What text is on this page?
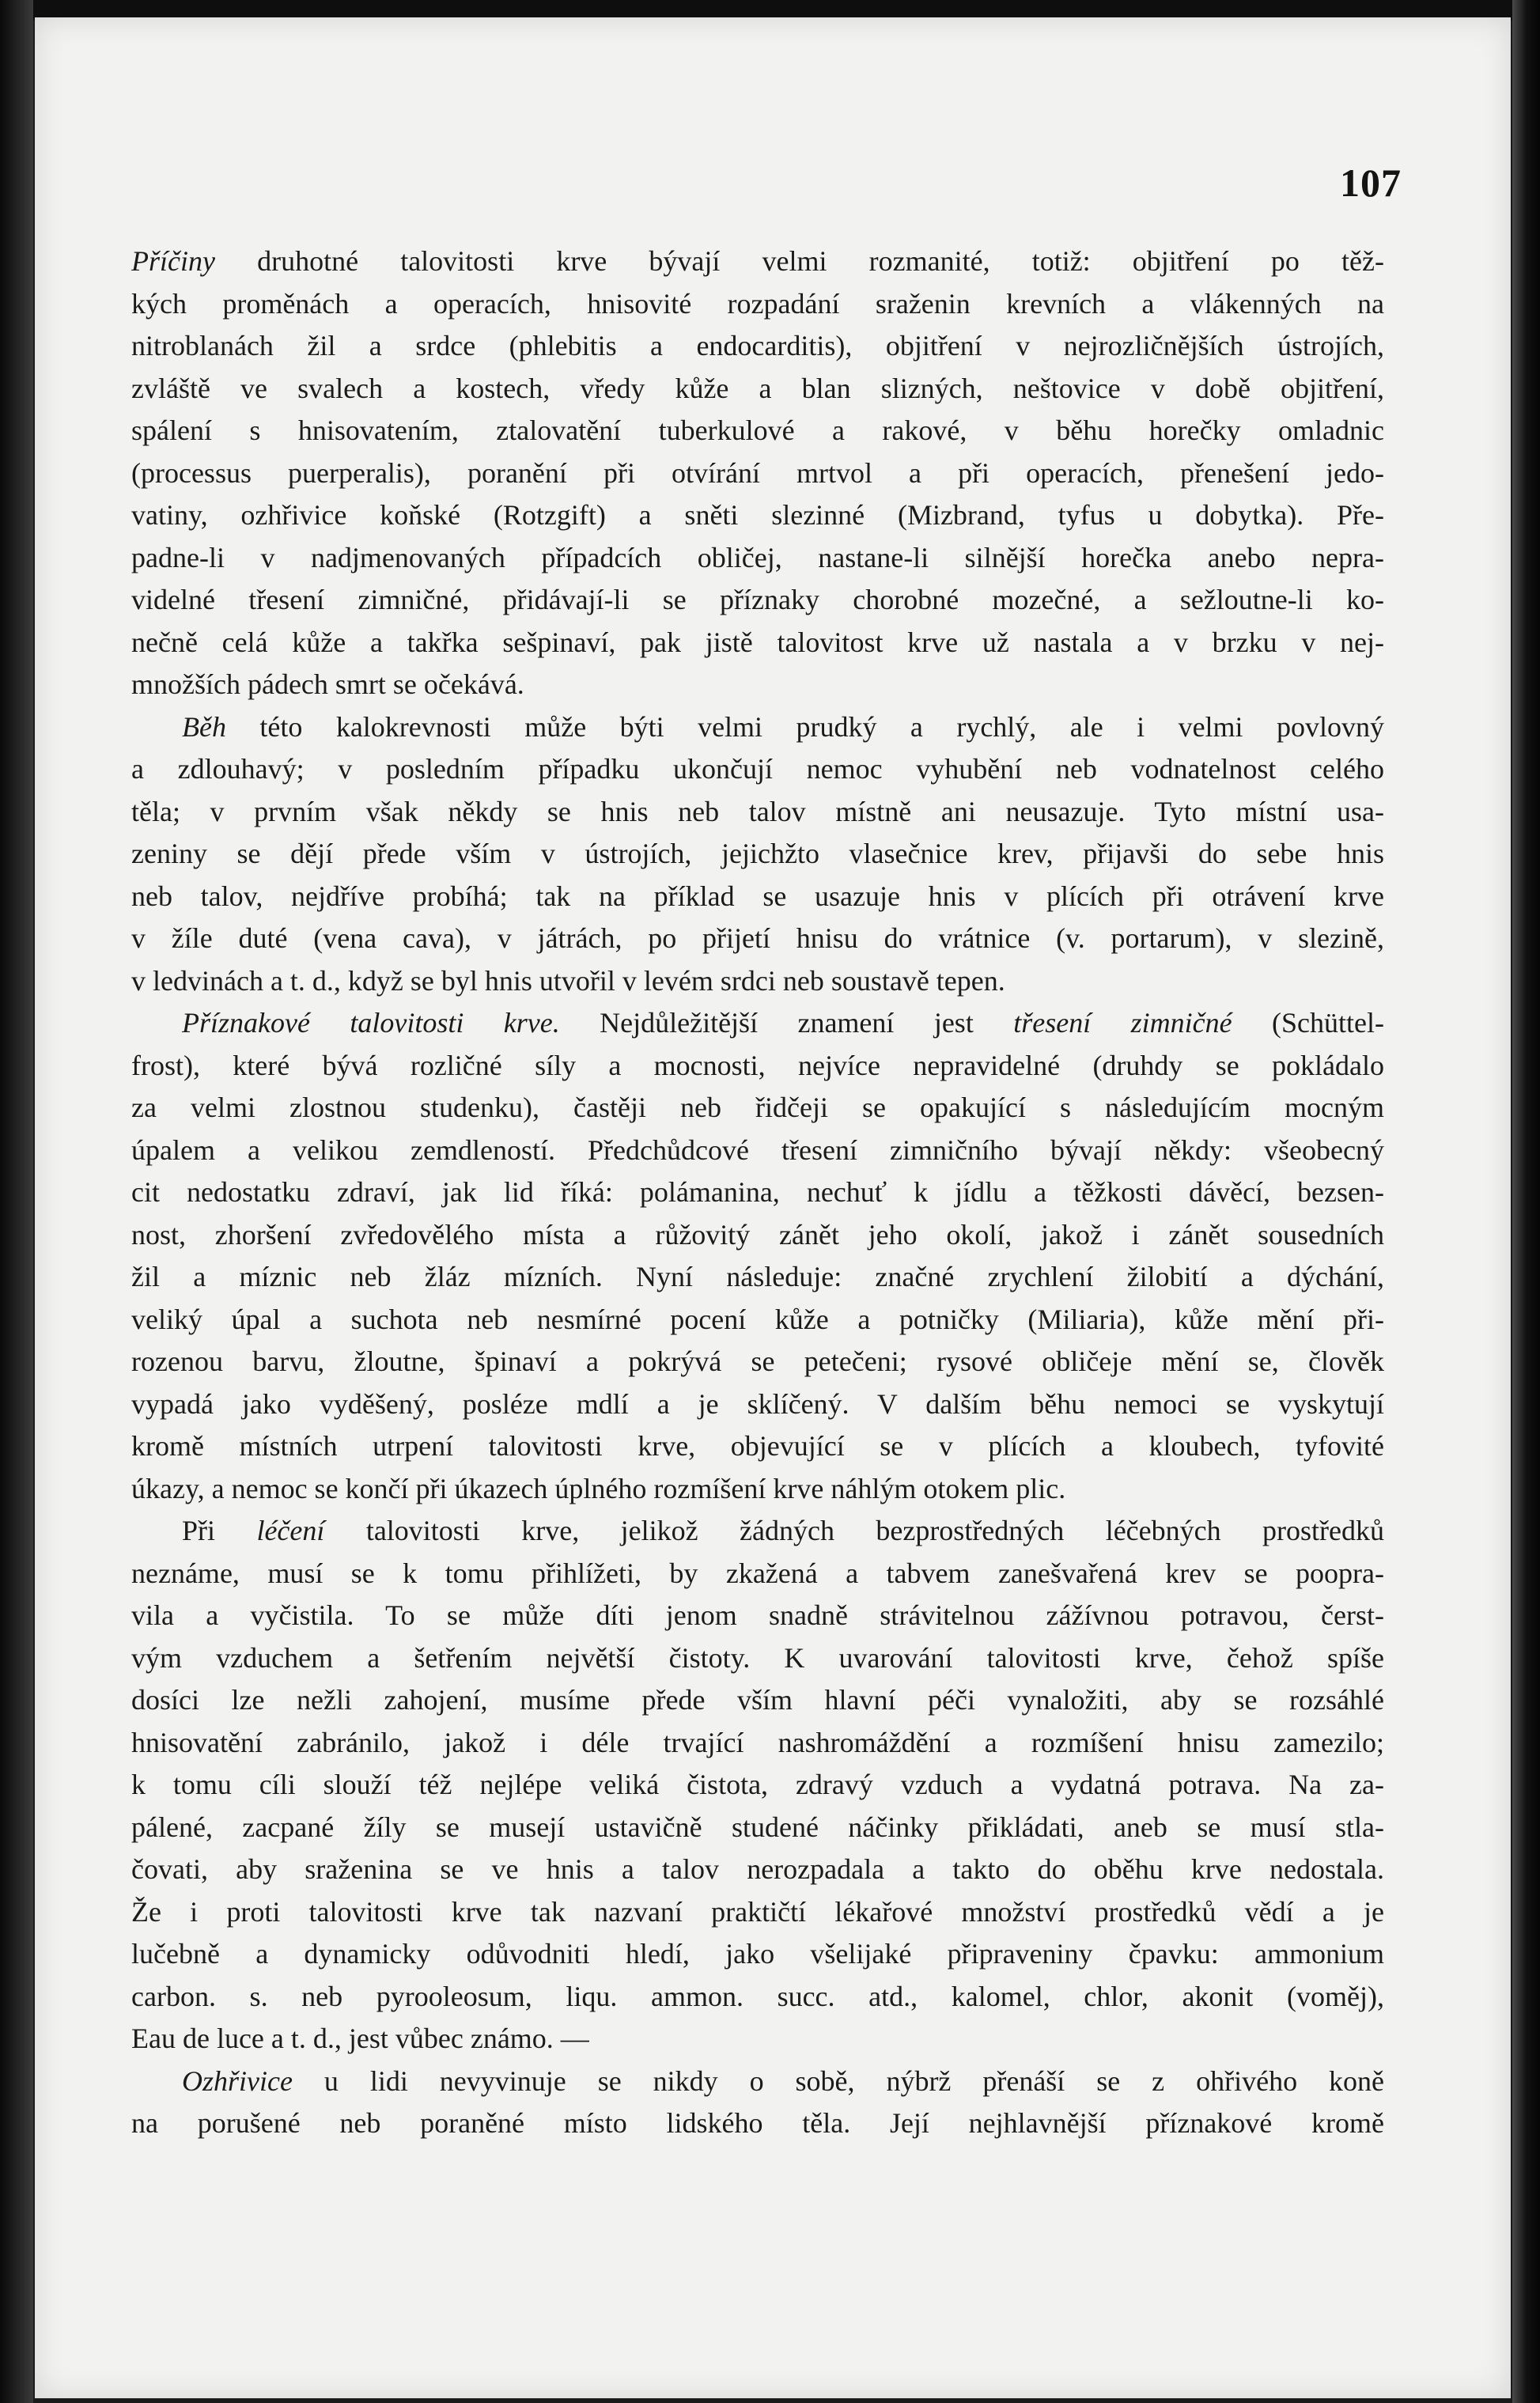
107
Příčiny druhotné talovitosti krve bývají velmi rozmanité, totiž: objitření po těž-
kých proměnách a operacích, hnisovité rozpadání sraženin krevních a vlákenných na
nitroblanách žil a srdce (phlebitis a endocarditis), objitření v nejrozličnějších ústrojích,
zvláště ve svalech a kostech, vředy kůže a blan slizných, neštovice v době objitření,
spálení s hnisovatením, ztalovatění tuberkulové a rakové, v běhu horečky omladnic
(processus puerperalis), poranění při otvírání mrtvol a při operacích, přenešení jedo-
vatiny, ozhřivice koňské (Rotzgift) a sněti slezinné (Mizbrand, tyfus u dobytka). Pře-
padne-li v nadjmenovaných případcích obličej, nastane-li silnější horečka anebo nepra-
videlné třesení zimničné, přidávají-li se příznaky chorobné mozečné, a sežloutne-li ko-
nečně celá kůže a takřka sešpinaví, pak jistě talovitost krve už nastala a v brzku v nej-
množších pádech smrt se očekává.
Běh této kalokrevnosti může býti velmi prudký a rychlý, ale i velmi povlovný
a zdlouhavý; v posledním případku ukončují nemoc vyhubění neb vodnatelnost celého
těla; v prvním však někdy se hnis neb talov místně ani neusazuje. Tyto místní usa-
zeniny se dějí přede vším v ústrojích, jejichžto vlasečnice krev, přijavši do sebe hnis
neb talov, nejdříve probíhá; tak na příklad se usazuje hnis v plících při otrávení krve
v žíle duté (vena cava), v játrách, po přijetí hnisu do vrátnice (v. portarum), v slezině,
v ledvinách a t. d., když se byl hnis utvořil v levém srdci neb soustavě tepen.
Příznakové talovitosti krve. Nejdůležitější znamení jest třesení zimničné (Schüttel-
frost), které bývá rozličné síly a mocnosti, nejvíce nepravidelné (druhdy se pokládalo
za velmi zlostnou studenku), častěji neb řidčeji se opakující s následujícím mocným
úpalem a velikou zemdleností. Předchůdcové třesení zimničního bývají někdy: všeobecný
cit nedostatku zdraví, jak lid říká: polámanina, nechuť k jídlu a těžkosti dávěcí, bezsen-
nost, zhoršení zvředovělého místa a růžovitý zánět jeho okolí, jakož i zánět sousedních
žil a míznic neb žláz mízních. Nyní následuje: značné zrychlení žilobití a dýchání,
veliký úpal a suchota neb nesmírné pocení kůže a potničky (Miliaria), kůže mění při-
rozenou barvu, žloutne, špinaví a pokrývá se petečeni; rysové obličeje mění se, člověk
vypadá jako vyděšený, posléze mdlí a je sklíčený. V dalším běhu nemoci se vyskytují
kromě místních utrpení talovitosti krve, objevující se v plících a kloubech, tyfovité
úkazy, a nemoc se končí při úkazech úplného rozmíšení krve náhlým otokem plic.
Při léčení talovitosti krve, jelikož žádných bezprostředných léčebných prostředků
neznáme, musí se k tomu přihlížeti, by zkažená a tabvem zanešvařená krev se poopra-
vila a vyčistila. To se může díti jenom snadně strávitelnou zážívnou potravou, čerst-
vým vzduchem a šetřením největší čistoty. K uvarování talovitosti krve, čehož spíše
dosíci lze nežli zahojení, musíme přede vším hlavní péči vynaložiti, aby se rozsáhlé
hnisovatění zabránilo, jakož i déle trvající nashromáždění a rozmíšení hnisu zamezilo;
k tomu cíli slouží též nejlépe veliká čistota, zdravý vzduch a vydatná potrava. Na za-
pálené, zacpané žíly se musejí ustavičně studené náčinky přikládati, aneb se musí stla-
čovati, aby sraženina se ve hnis a talov nerozpadala a takto do oběhu krve nedostala.
Že i proti talovitosti krve tak nazvaní praktičtí lékařové množství prostředků vědí a je
lučebně a dynamicky odůvodniti hledí, jako všelijaké připraveniny čpavku: ammonium
carbon. s. neb pyrooleosum, liqu. ammon. succ. atd., kalomel, chlor, akonit (voměj),
Eau de luce a t. d., jest vůbec známo. —
Ozhřivice u lidi nevyvinuje se nikdy o sobě, nýbrž přenáší se z ohřivého koně
na porušené neb poraněné místo lidského těla. Její nejhlavnější příznakové kromě
